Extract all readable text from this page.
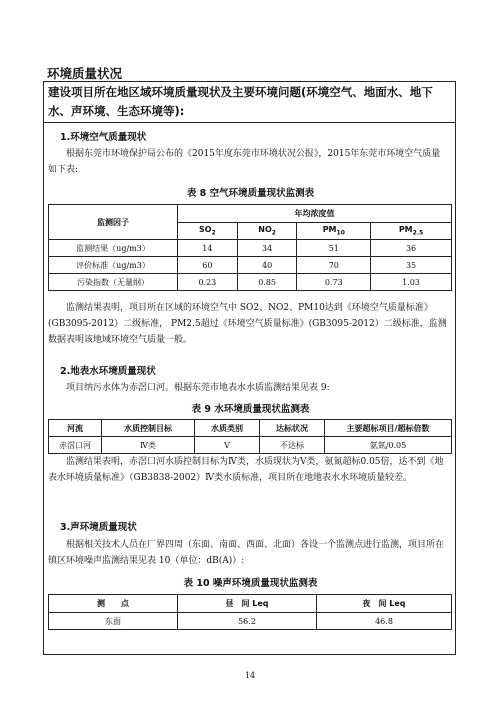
环境质量状况
建设项目所在地区域环境质量现状及主要环境问题(环境空气、地面水、地下水、声环境、生态环境等):
1.环境空气质量现状
根据东莞市环境保护局公布的《2015年度东莞市环境状况公报》，2015年东莞市环境空气质量如下表:
表 8 空气环境质量现状监测表
监测因子	年均浓度值			
	$SO_2$	$NO_2$	$PM_{10}$	$PM_{2.5}$
监测结果（ug/m3）	14	34	51	36
评价标准（ug/m3）	60	40	70	35
污染指数（无量纲）	0.23	0.85	0.73	1.03
监测结果表明，项目所在区域的环境空气中 SO2、NO2、PM10达到《环境空气质量标准》(GB3095-2012）二级标准， PM2.5超过《环境空气质量标准》(GB3095-2012）二级标准，监测数据表明该地域环境空气质量一般。
2.地表水环境质量现状
项目纳污水体为赤滘口河。根据东莞市地表水水质监测结果见表 9:
表 9 水环境质量现状监测表
河流	水质控制目标	水质类别	达标状况	主要超标项目/超标倍数
赤滘口河	Ⅳ类	Ⅴ	不达标	氨氮/0.05
监测结果表明，赤滘口河水质控制目标为Ⅳ类，水质现状为Ⅴ类，氨氮超标0.05倍，达不到《地表水环境质量标准》（GB3838-2002）Ⅳ类水质标准，项目所在地地表水水环境质量较差。
3.声环境质量现状
根据相关技术人员在厂界四周（东面、南面、西面、北面）各设一个监测点进行监测，项目所在镇区环境噪声监测结果见表 10（单位：dB(A)）:
表 10 噪声环境质量现状监测表
测　　点	昼　间 Leq	夜　间 Leq
东面	56.2	46.8
14
